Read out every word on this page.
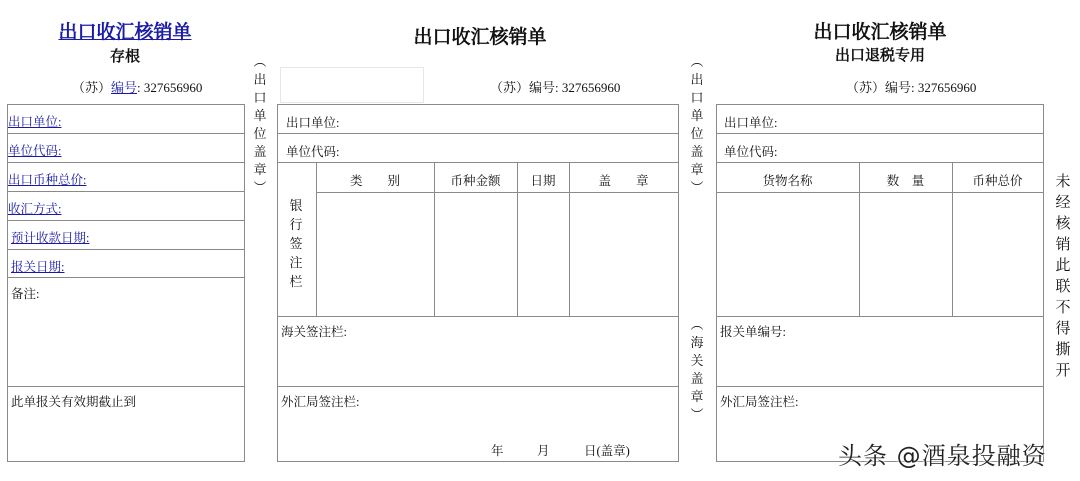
出口收汇核销单
存根
（苏）编号: 327656960
出口单位:
单位代码:
出口币种总价:
收汇方式:
预计收款日期:
报关日期:
备注:
此单报关有效期截止到
︵
出
口
单
位
盖
章
︶
出口收汇核销单
（苏）编号: 327656960
出口单位:
单位代码:
银
行
签
注
栏
类　　别	币种金额	日期	盖　　章
海关签注栏:
外汇局签注栏:
年	月	日(盖章)
︵
出
口
单
位
盖
章
︶
︵
海
关
盖
章
︶
出口收汇核销单
出口退税专用
（苏）编号: 327656960
出口单位:
单位代码:
货物名称	数　量	币种总价
报关单编号:
外汇局签注栏:
未
经
核
销
此
联
不
得
撕
开
头条 @酒泉投融资
